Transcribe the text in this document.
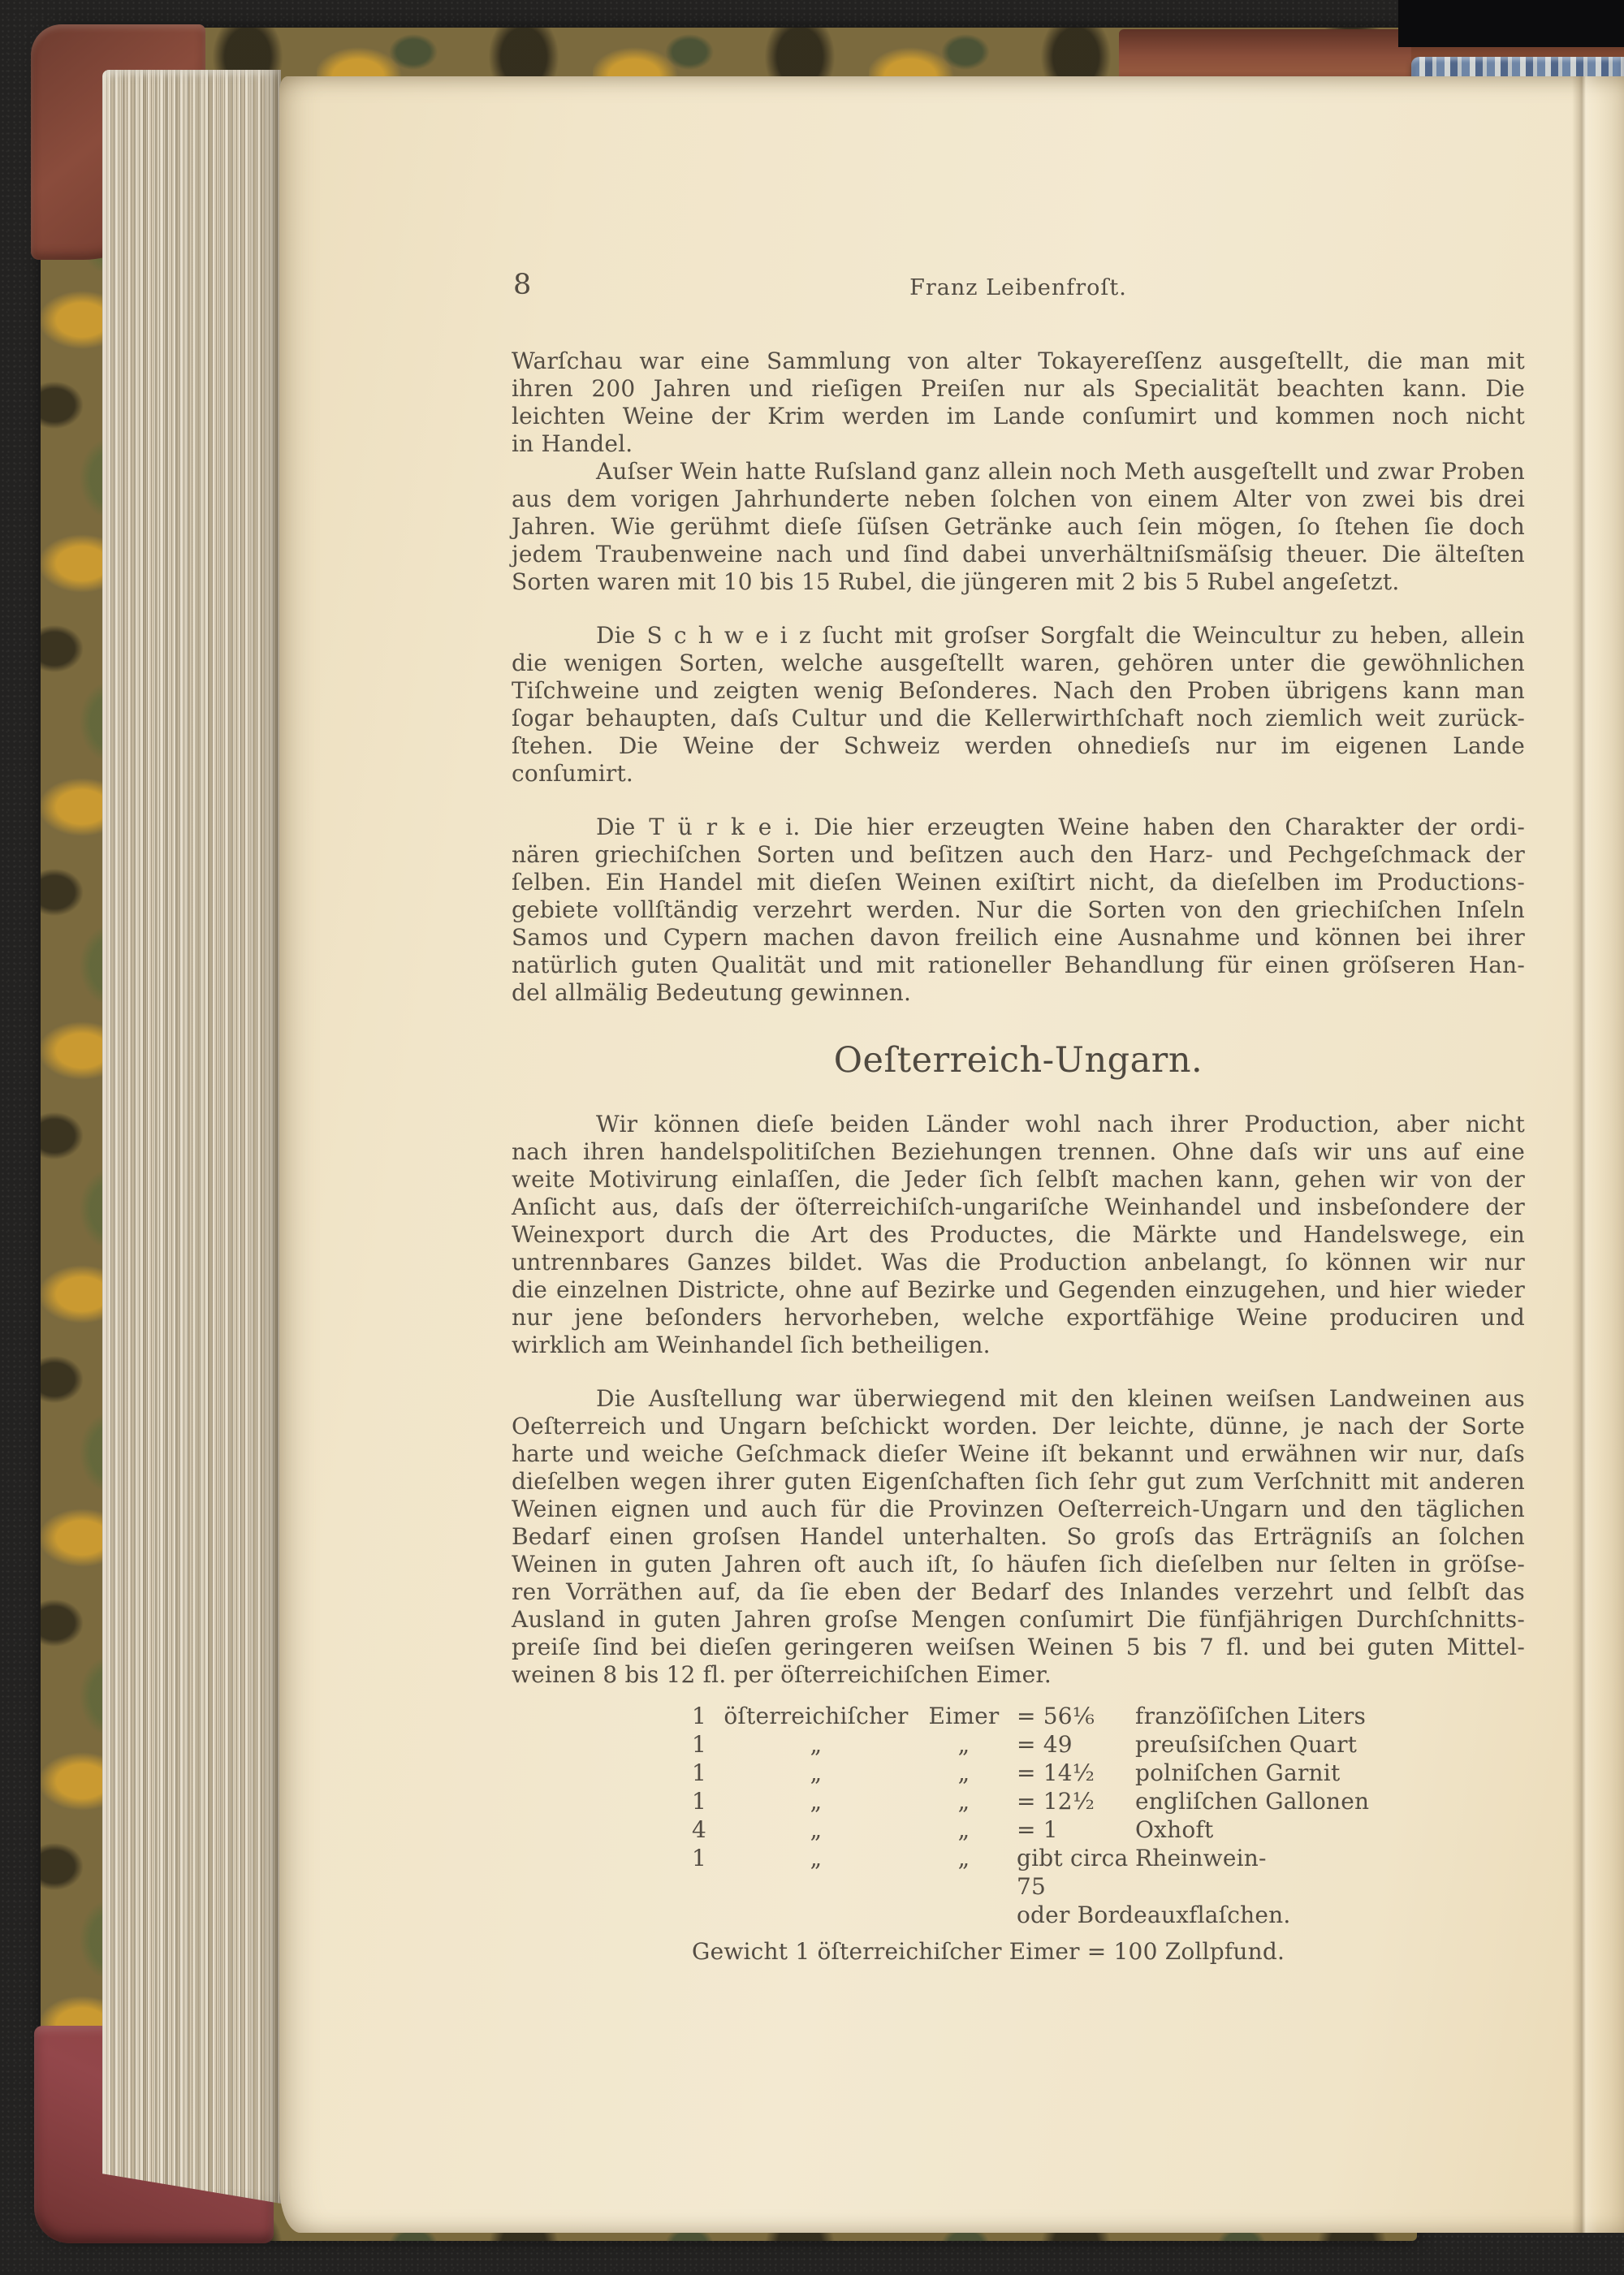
8	Franz Leibenfroſt.
Warſchau war eine Sammlung von alter Tokayereſſenz ausgeſtellt, die man mit
ihren 200 Jahren und rieſigen Preiſen nur als Specialität beachten kann. Die
leichten Weine der Krim werden im Lande conſumirt und kommen noch nicht
in Handel.
Auſser Wein hatte Ruſsland ganz allein noch Meth ausgeſtellt und zwar Proben
aus dem vorigen Jahrhunderte neben ſolchen von einem Alter von zwei bis drei
Jahren. Wie gerühmt dieſe ſüſsen Getränke auch ſein mögen, ſo ſtehen ſie doch
jedem Traubenweine nach und ſind dabei unverhältniſsmäſsig theuer. Die älteſten
Sorten waren mit 10 bis 15 Rubel, die jüngeren mit 2 bis 5 Rubel angeſetzt.
Die S c h w e i z ſucht mit groſser Sorgfalt die Weincultur zu heben, allein
die wenigen Sorten, welche ausgeſtellt waren, gehören unter die gewöhnlichen
Tiſchweine und zeigten wenig Beſonderes. Nach den Proben übrigens kann man
ſogar behaupten, daſs Cultur und die Kellerwirthſchaft noch ziemlich weit zurück-
ſtehen. Die Weine der Schweiz werden ohnedieſs nur im eigenen Lande
conſumirt.
Die T ü r k e i. Die hier erzeugten Weine haben den Charakter der ordi-
nären griechiſchen Sorten und beſitzen auch den Harz- und Pechgeſchmack der
ſelben. Ein Handel mit dieſen Weinen exiſtirt nicht, da dieſelben im Productions-
gebiete vollſtändig verzehrt werden. Nur die Sorten von den griechiſchen Inſeln
Samos und Cypern machen davon freilich eine Ausnahme und können bei ihrer
natürlich guten Qualität und mit rationeller Behandlung für einen gröſseren Han-
del allmälig Bedeutung gewinnen.
Oeſterreich-Ungarn.
Wir können dieſe beiden Länder wohl nach ihrer Production, aber nicht
nach ihren handelspolitiſchen Beziehungen trennen. Ohne daſs wir uns auf eine
weite Motivirung einlaſſen, die Jeder ſich ſelbſt machen kann, gehen wir von der
Anſicht aus, daſs der öſterreichiſch-ungariſche Weinhandel und insbeſondere der
Weinexport durch die Art des Productes, die Märkte und Handelswege, ein
untrennbares Ganzes bildet. Was die Production anbelangt, ſo können wir nur
die einzelnen Districte, ohne auf Bezirke und Gegenden einzugehen, und hier wieder
nur jene beſonders hervorheben, welche exportfähige Weine produciren und
wirklich am Weinhandel ſich betheiligen.
Die Ausſtellung war überwiegend mit den kleinen weiſsen Landweinen aus
Oeſterreich und Ungarn beſchickt worden. Der leichte, dünne, je nach der Sorte
harte und weiche Geſchmack dieſer Weine iſt bekannt und erwähnen wir nur, daſs
dieſelben wegen ihrer guten Eigenſchaften ſich ſehr gut zum Verſchnitt mit anderen
Weinen eignen und auch für die Provinzen Oeſterreich-Ungarn und den täglichen
Bedarf einen groſsen Handel unterhalten. So groſs das Erträgniſs an ſolchen
Weinen in guten Jahren oft auch iſt, ſo häufen ſich dieſelben nur ſelten in gröſse-
ren Vorräthen auf, da ſie eben der Bedarf des Inlandes verzehrt und ſelbſt das
Ausland in guten Jahren groſse Mengen conſumirt Die fünfjährigen Durchſchnitts-
preiſe ſind bei dieſen geringeren weiſsen Weinen 5 bis 7 fl. und bei guten Mittel-
weinen 8 bis 12 fl. per öſterreichiſchen Eimer.
1 öſterreichiſcher Eimer = 56⅙	franzöſiſchen Liters
1	„	„	= 49	preuſsiſchen Quart
1	„	„	= 14½	polniſchen Garnit
1	„	„	= 12½	engliſchen Gallonen
4	„	„	= 1	Oxhoft
1	„	„	gibt circa 75
Rheinwein-
oder Bordeauxflaſchen.
Gewicht 1 öſterreichiſcher Eimer = 100 Zollpfund.
